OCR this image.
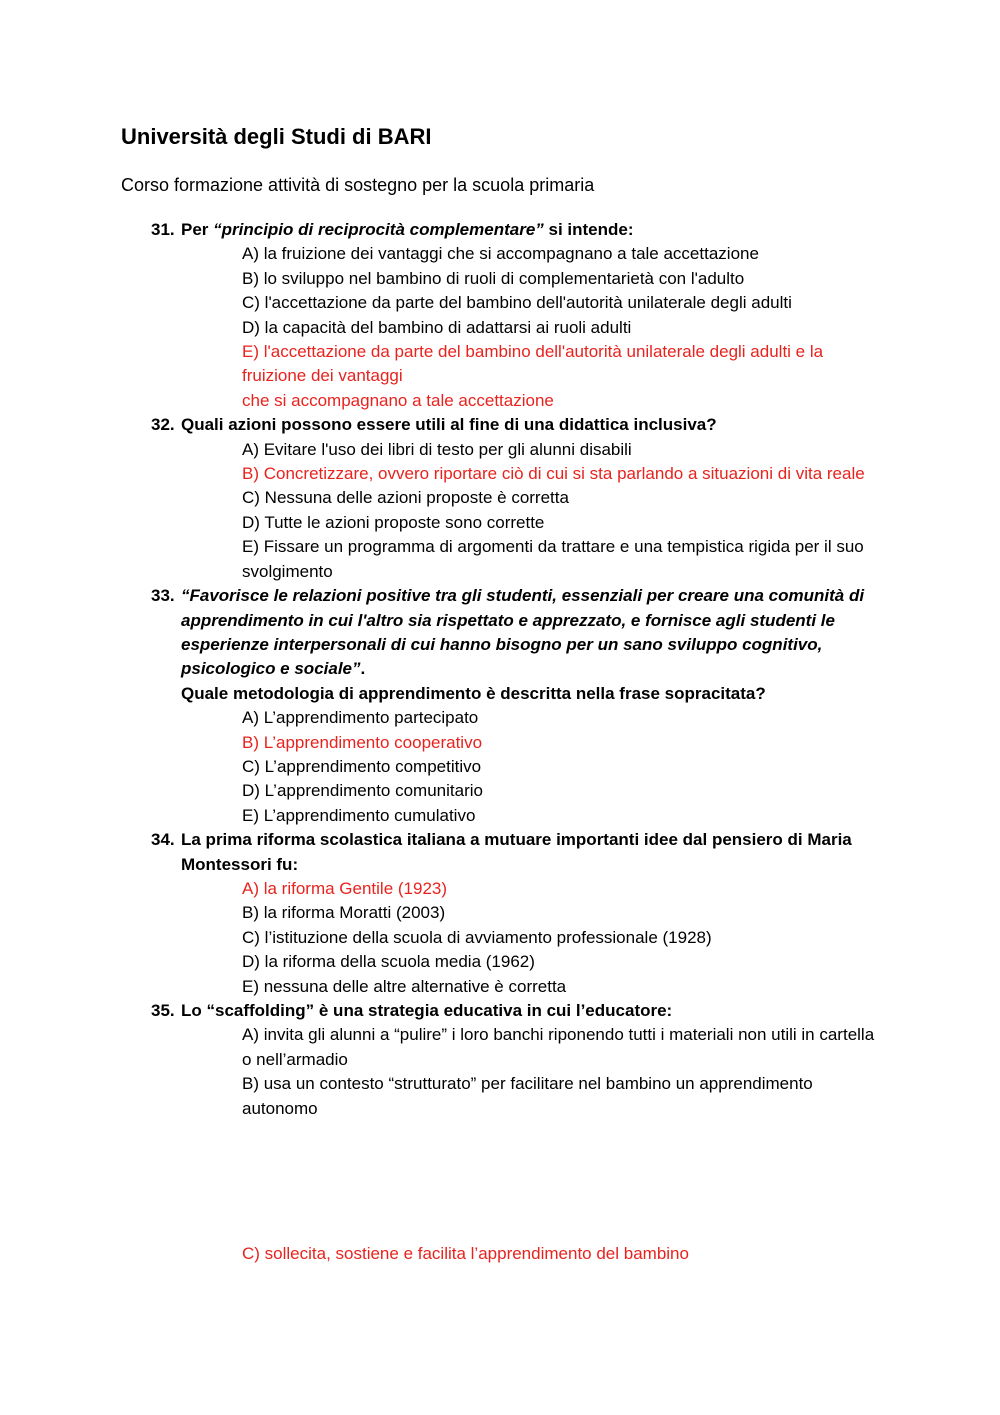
Università degli Studi di BARI

Corso formazione attività di sostegno per la scuola primaria

31. Per “principio di reciprocità complementare” si intende:
A) la fruizione dei vantaggi che si accompagnano a tale accettazione
B) lo sviluppo nel bambino di ruoli di complementarietà con l'adulto
C) l'accettazione da parte del bambino dell'autorità unilaterale degli adulti
D) la capacità del bambino di adattarsi ai ruoli adulti
E) l'accettazione da parte del bambino dell'autorità unilaterale degli adulti e la fruizione dei vantaggi
che si accompagnano a tale accettazione
32. Quali azioni possono essere utili al fine di una didattica inclusiva?
A) Evitare l'uso dei libri di testo per gli alunni disabili
B) Concretizzare, ovvero riportare ciò di cui si sta parlando a situazioni di vita reale
C) Nessuna delle azioni proposte è corretta
D) Tutte le azioni proposte sono corrette
E) Fissare un programma di argomenti da trattare e una tempistica rigida per il suo svolgimento
33. “Favorisce le relazioni positive tra gli studenti, essenziali per creare una comunità di apprendimento in cui l'altro sia rispettato e apprezzato, e fornisce agli studenti le esperienze interpersonali di cui hanno bisogno per un sano sviluppo cognitivo, psicologico e sociale”.
Quale metodologia di apprendimento è descritta nella frase sopracitata?
A) L’apprendimento partecipato
B) L’apprendimento cooperativo
C) L’apprendimento competitivo
D) L’apprendimento comunitario
E) L’apprendimento cumulativo
34. La prima riforma scolastica italiana a mutuare importanti idee dal pensiero di Maria Montessori fu:
A) la riforma Gentile (1923)
B) la riforma Moratti (2003)
C) l’istituzione della scuola di avviamento professionale (1928)
D) la riforma della scuola media (1962)
E) nessuna delle altre alternative è corretta
35. Lo “scaffolding” è una strategia educativa in cui l’educatore:
A) invita gli alunni a “pulire” i loro banchi riponendo tutti i materiali non utili in cartella o nell’armadio
B) usa un contesto “strutturato” per facilitare nel bambino un apprendimento autonomo

C) sollecita, sostiene e facilita l’apprendimento del bambino
